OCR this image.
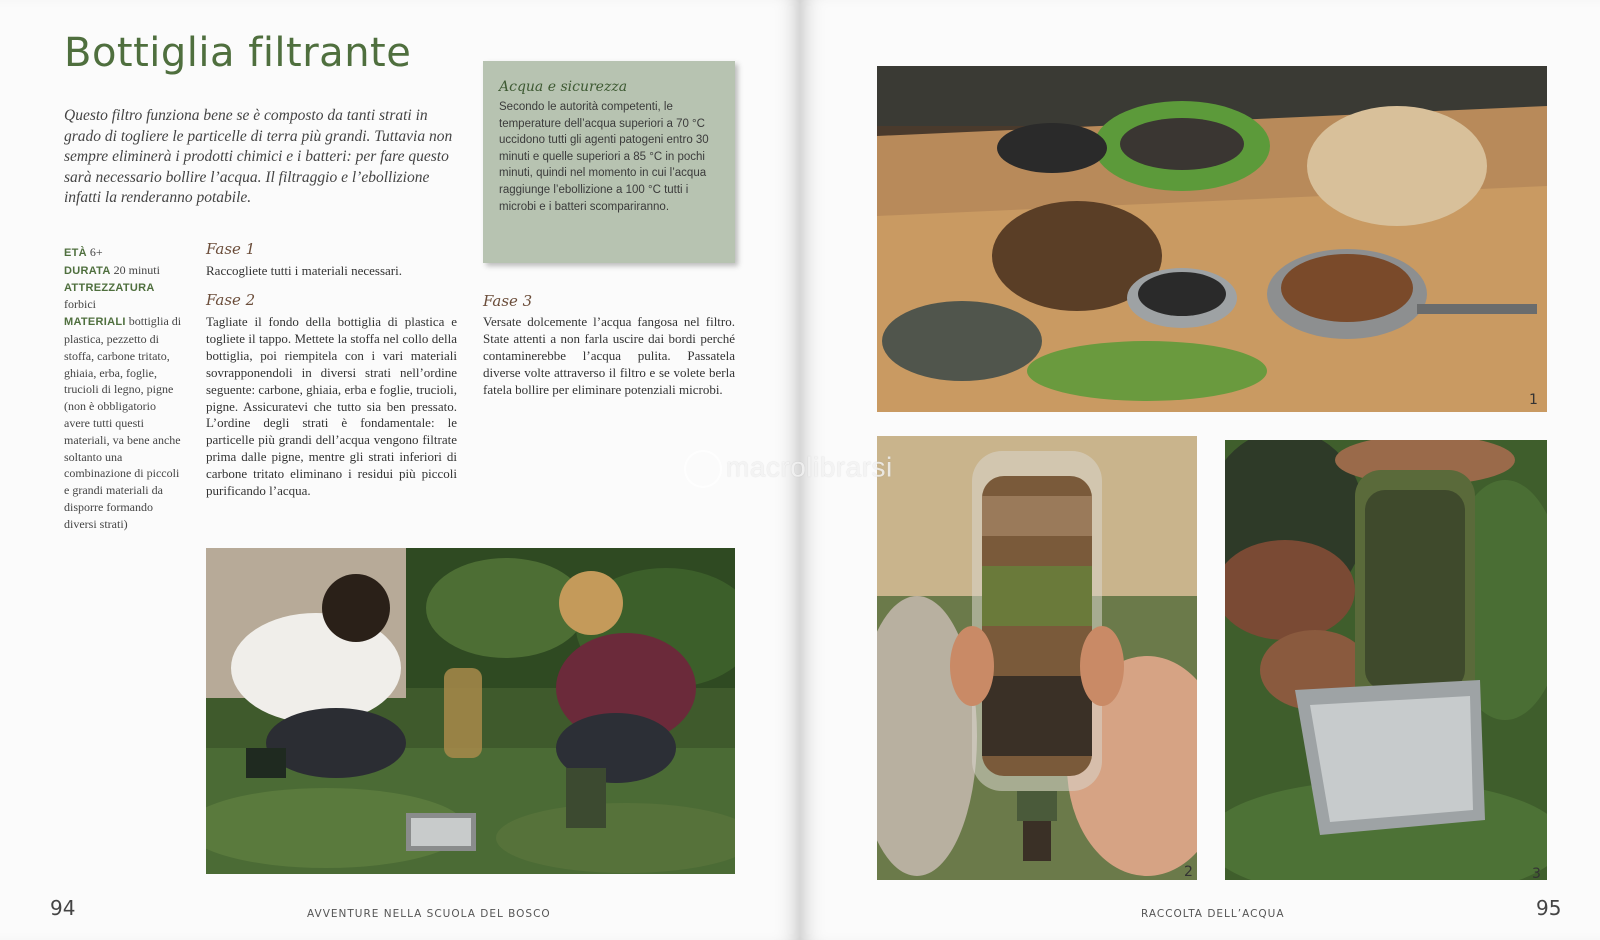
Bottiglia filtrante
Questo filtro funziona bene se è composto da tanti strati in grado di togliere le particelle di terra più grandi. Tuttavia non sempre eliminerà i prodotti chimici e i batteri: per fare questo sarà necessario bollire l’acqua. Il filtraggio e l’ebollizione infatti la renderanno potabile.
Acqua e sicurezza
Secondo le autorità competenti, le temperature dell’acqua superiori a 70 °C uccidono tutti gli agenti patogeni entro 30 minuti e quelle superiori a 85 °C in pochi minuti, quindi nel momento in cui l’acqua raggiunge l’ebollizione a 100 °C tutti i microbi e i batteri scompariranno.
ETÀ 6+
DURATA 20 minuti
ATTREZZATURA
forbici
MATERIALI bottiglia di plastica, pezzetto di stoffa, carbone tritato, ghiaia, erba, foglie, trucioli di legno, pigne (non è obbligatorio avere tutti questi materiali, va bene anche soltanto una combinazione di piccoli e grandi materiali da disporre formando diversi strati)
Fase 1
Raccogliete tutti i materiali necessari.
Fase 2
Tagliate il fondo della bottiglia di plastica e togliete il tappo. Mettete la stoffa nel collo della bottiglia, poi riempitela con i vari materiali sovrapponendoli in diversi strati nell’ordine seguente: carbone, ghiaia, erba e foglie, trucioli, pigne. Assicuratevi che tutto sia ben pressato. L’ordine degli strati è fondamentale: le particelle più grandi dell’acqua vengono filtrate prima dalle pigne, mentre gli strati inferiori di carbone tritato eliminano i residui più piccoli purificando l’acqua.
Fase 3
Versate dolcemente l’acqua fangosa nel filtro. State attenti a non farla uscire dai bordi perché contaminerebbe l’acqua pulita. Passatela diverse volte attraverso il filtro e se volete berla fatela bollire per eliminare potenziali microbi.
94	AVVENTURE NELLA SCUOLA DEL BOSCO
1
2	3
RACCOLTA DELL’ACQUA	95
macrolibrarsi
